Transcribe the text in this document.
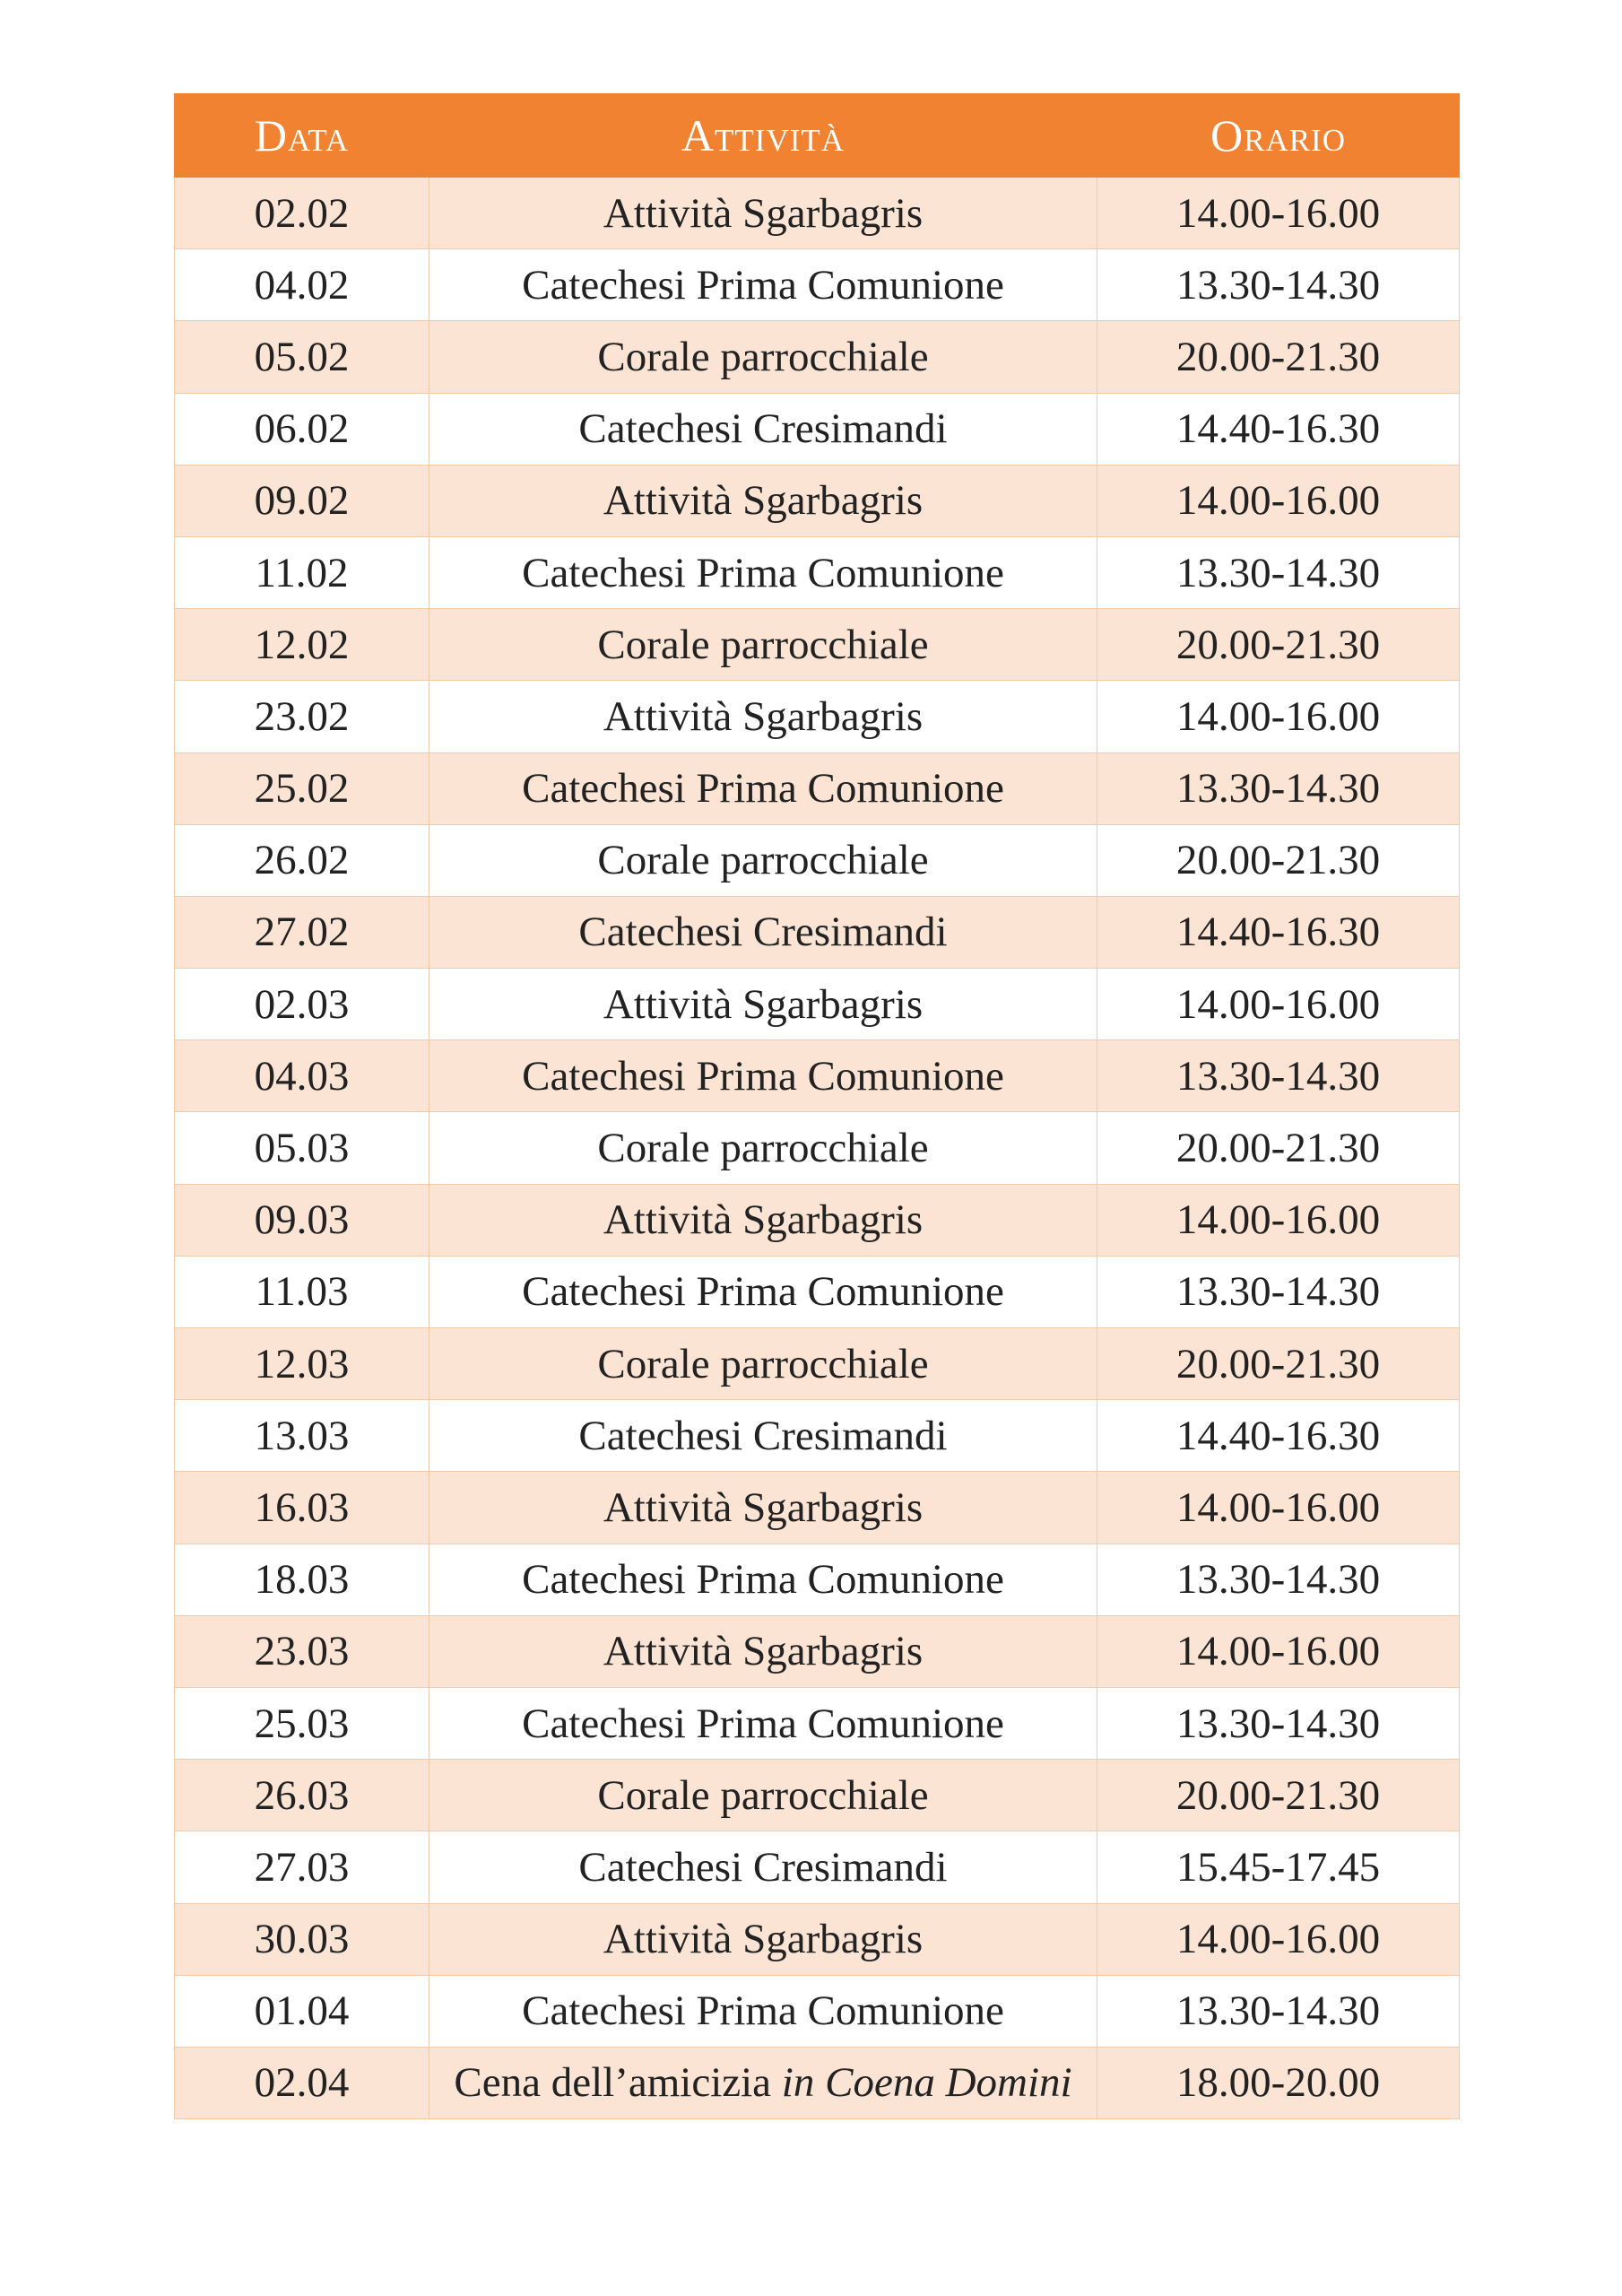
Data	Attività	Orario
02.02	Attività Sgarbagris	14.00-16.00
04.02	Catechesi Prima Comunione	13.30-14.30
05.02	Corale parrocchiale	20.00-21.30
06.02	Catechesi Cresimandi	14.40-16.30
09.02	Attività Sgarbagris	14.00-16.00
11.02	Catechesi Prima Comunione	13.30-14.30
12.02	Corale parrocchiale	20.00-21.30
23.02	Attività Sgarbagris	14.00-16.00
25.02	Catechesi Prima Comunione	13.30-14.30
26.02	Corale parrocchiale	20.00-21.30
27.02	Catechesi Cresimandi	14.40-16.30
02.03	Attività Sgarbagris	14.00-16.00
04.03	Catechesi Prima Comunione	13.30-14.30
05.03	Corale parrocchiale	20.00-21.30
09.03	Attività Sgarbagris	14.00-16.00
11.03	Catechesi Prima Comunione	13.30-14.30
12.03	Corale parrocchiale	20.00-21.30
13.03	Catechesi Cresimandi	14.40-16.30
16.03	Attività Sgarbagris	14.00-16.00
18.03	Catechesi Prima Comunione	13.30-14.30
23.03	Attività Sgarbagris	14.00-16.00
25.03	Catechesi Prima Comunione	13.30-14.30
26.03	Corale parrocchiale	20.00-21.30
27.03	Catechesi Cresimandi	15.45-17.45
30.03	Attività Sgarbagris	14.00-16.00
01.04	Catechesi Prima Comunione	13.30-14.30
02.04	Cena dell’amicizia in Coena Domini	18.00-20.00
